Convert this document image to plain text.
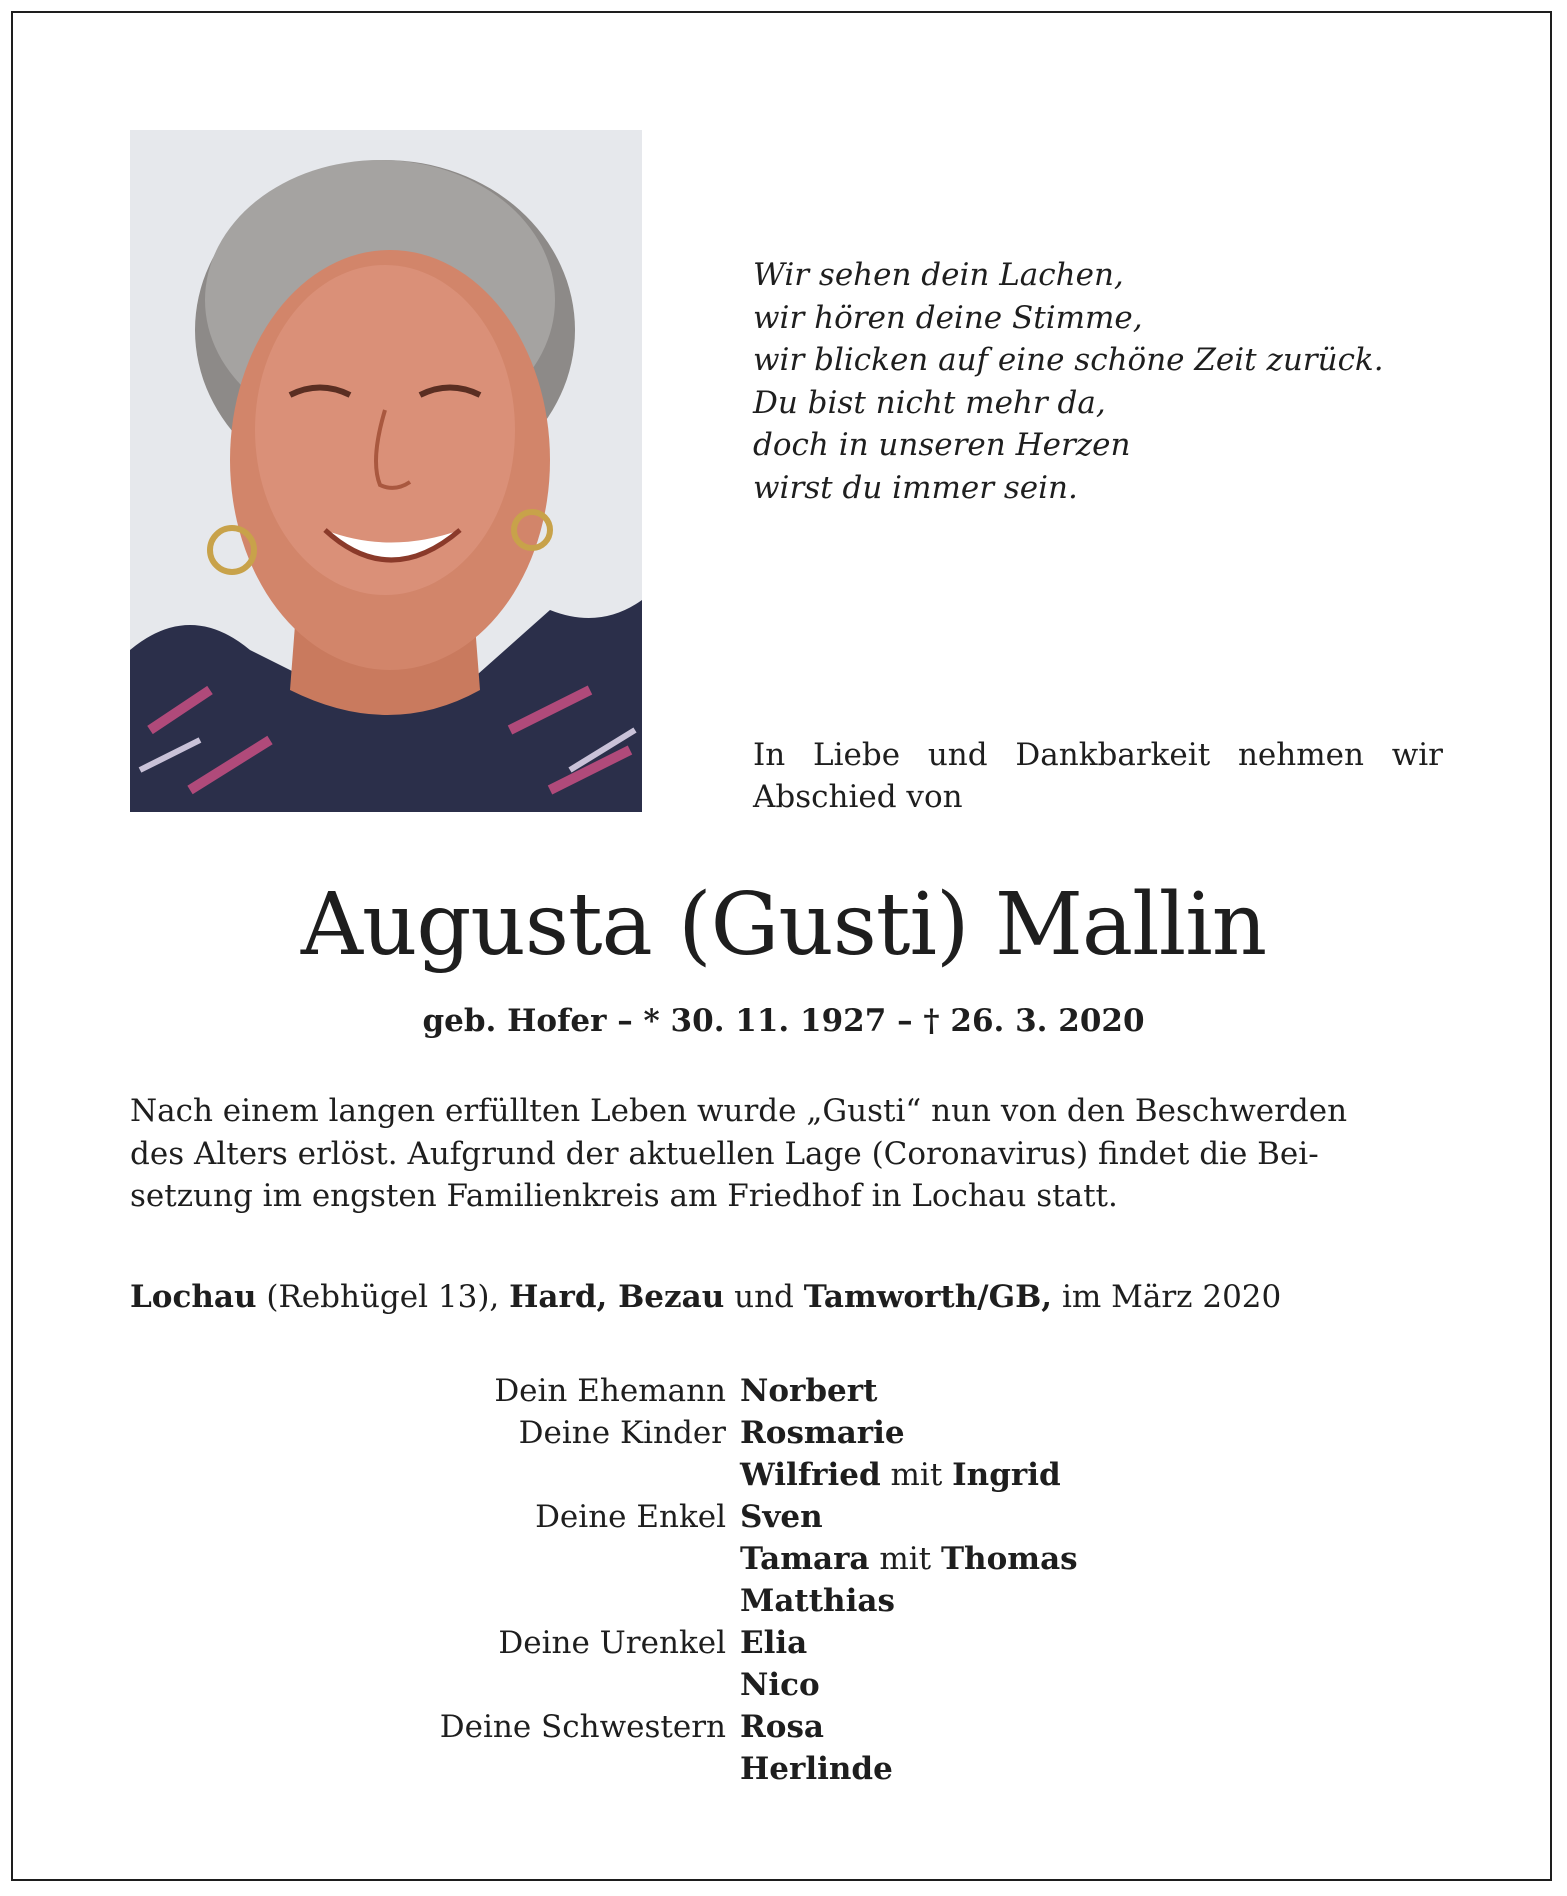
Wir sehen dein Lachen,
wir hören deine Stimme,
wir blicken auf eine schöne Zeit zurück.
Du bist nicht mehr da,
doch in unseren Herzen
wirst du immer sein.
In Liebe und Dankbarkeit nehmen wir Abschied von
Augusta (Gusti) Mallin
geb. Hofer – * 30. 11. 1927 – † 26. 3. 2020
Nach einem langen erfüllten Leben wurde „Gusti“ nun von den Beschwerden
des Alters erlöst. Aufgrund der aktuellen Lage (Coronavirus) findet die Bei-
setzung im engsten Familienkreis am Friedhof in Lochau statt.
Lochau (Rebhügel 13), Hard, Bezau und Tamworth/GB, im März 2020
Dein Ehemann Norbert
Deine Kinder Rosmarie
Wilfried mit Ingrid
Deine Enkel Sven
Tamara mit Thomas
Matthias
Deine Urenkel Elia
Nico
Deine Schwestern Rosa
Herlinde
